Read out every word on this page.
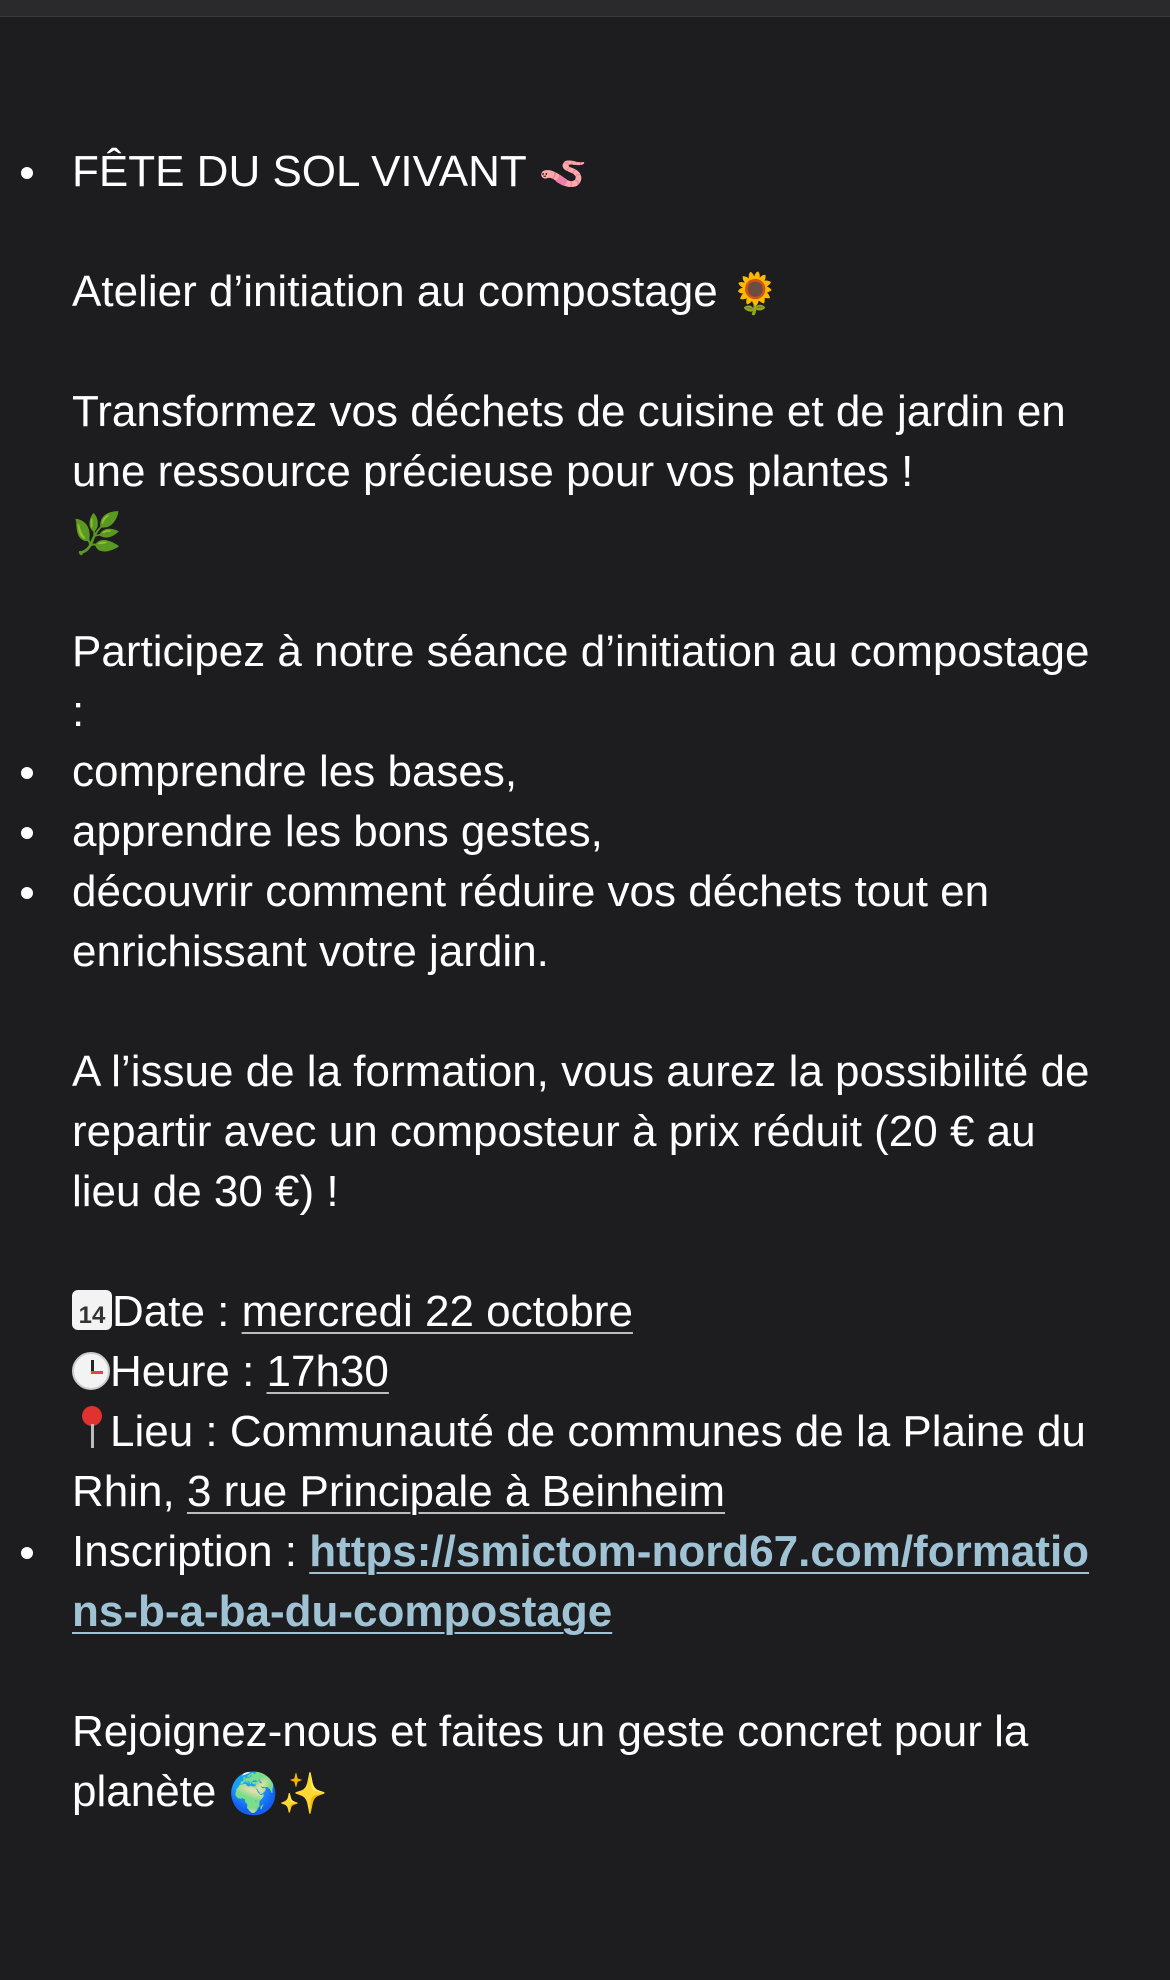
FÊTE DU SOL VIVANT 🪱

Atelier d’initiation au compostage 🌻

Transformez vos déchets de cuisine et de jardin en une ressource précieuse pour vos plantes !
🌿

Participez à notre séance d’initiation au compostage :

comprendre les bases,
apprendre les bons gestes,
découvrir comment réduire vos déchets tout en enrichissant votre jardin.

A l’issue de la formation, vous aurez la possibilité de repartir avec un composteur à prix réduit (20 € au lieu de 30 €) !

14 Date : mercredi 22 octobre

Heure : 17h30

Lieu : Communauté de communes de la Plaine du Rhin, 3 rue Principale à Beinheim

Inscription : https://smictom-nord67.com/formations-b-a-ba-du-compostage

Rejoignez-nous et faites un geste concret pour la planète 🌍✨
